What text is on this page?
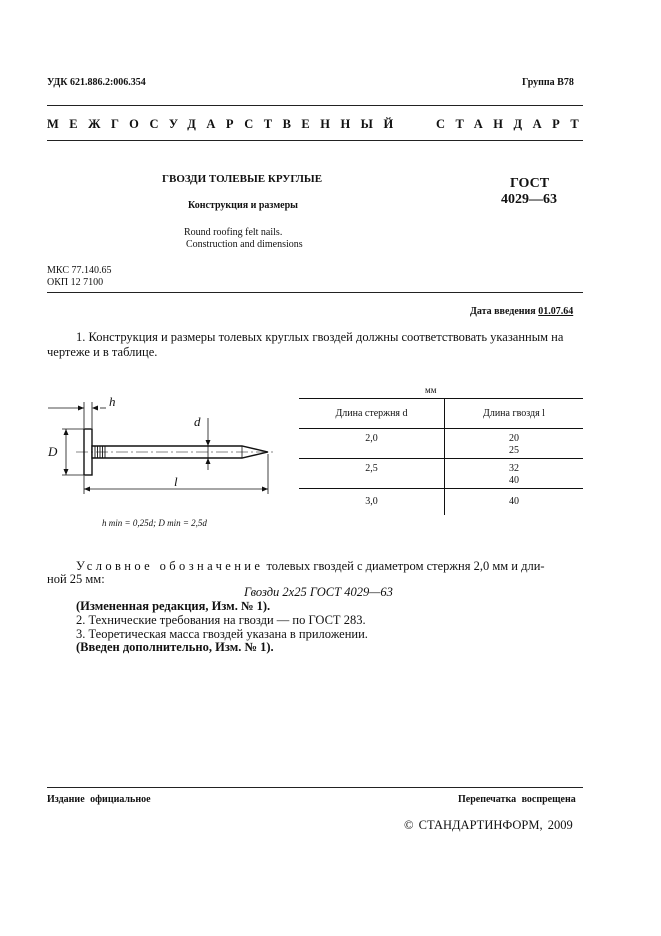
УДК 621.886.2:006.354	Группа В78
МЕЖГОСУДАРСТВЕННЫЙ	СТАНДАРТ
ГВОЗДИ ТОЛЕВЫЕ КРУГЛЫЕ
Конструкция и размеры
Round roofing felt nails.
Construction and dimensions
ГОСТ
4029—63
МКС 77.140.65
ОКП 12 7100
Дата введения 01.07.64
1. Конструкция и размеры толевых круглых гвоздей должны соответствовать указанным на
чертеже и в таблице.
h
d
D
l
h min = 0,25d; D min = 2,5d
мм
Длина стержня d	Длина гвоздя l
2,0	20
25

2,5	32
40

3,0	40
Условное обозначение толевых гвоздей с диаметром стержня 2,0 мм и дли-
ной 25 мм:
Гвозди 2x25 ГОСТ 4029—63
(Измененная редакция, Изм. № 1).
2. Технические требования на гвозди — по ГОСТ 283.
3. Теоретическая масса гвоздей указана в приложении.
(Введен дополнительно, Изм. № 1).
Издание официальное	Перепечатка воспрещена
© СТАНДАРТИНФОРМ, 2009
